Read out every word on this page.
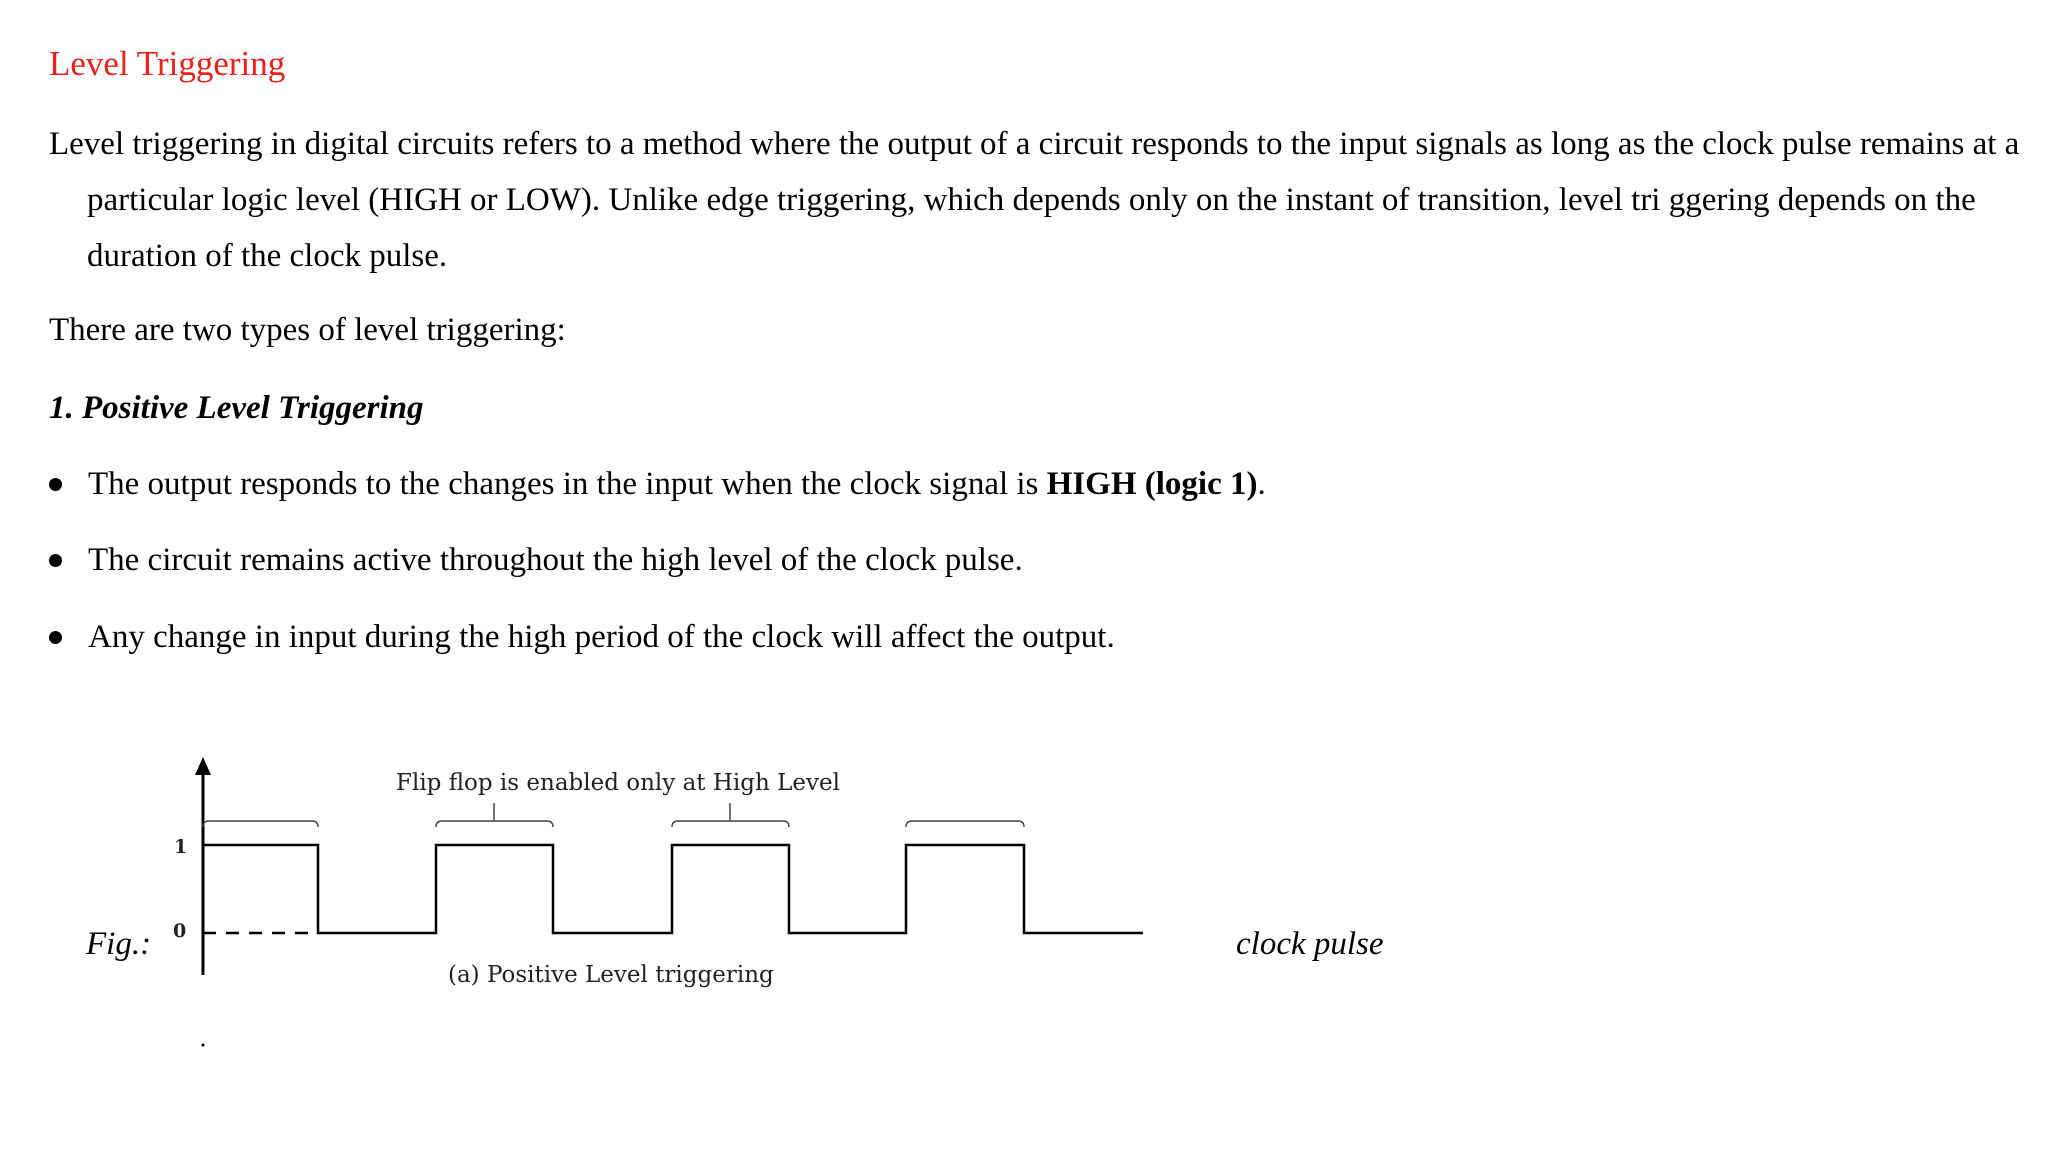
Level Triggering

Level triggering in digital circuits refers to a method where the output of a circuit responds to the input signals as long as the clock pulse remains at a particular logic level (HIGH or LOW). Unlike edge triggering, which depends only on the instant of transition, level tri ggering depends on the duration of the clock pulse.

There are two types of level triggering:

1. Positive Level Triggering

The output responds to the changes in the input when the clock signal is HIGH (logic 1).
The circuit remains active throughout the high level of the clock pulse.
Any change in input during the high period of the clock will affect the output.
Fig.:
1
0
Flip flop is enabled only at High Level
(a) Positive Level triggering
clock pulse
